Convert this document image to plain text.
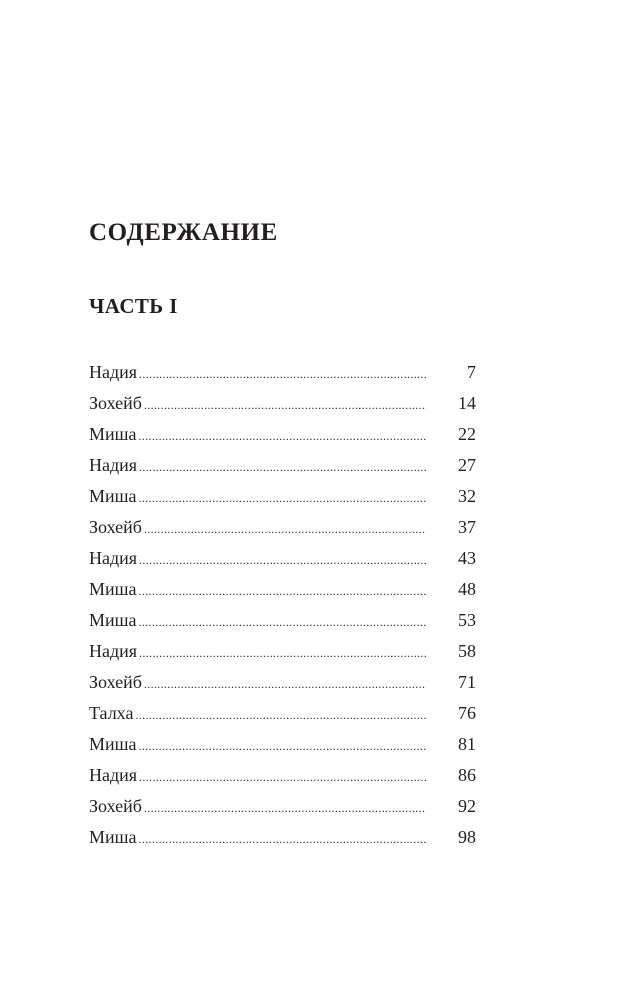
СОДЕРЖАНИЕ
ЧАСТЬ I
Надия .....	7
Зохейб .....	14
Миша .....	22
Надия .....	27
Миша .....	32
Зохейб .....	37
Надия .....	43
Миша .....	48
Миша .....	53
Надия .....	58
Зохейб .....	71
Талха .....	76
Миша .....	81
Надия .....	86
Зохейб .....	92
Миша .....	98
